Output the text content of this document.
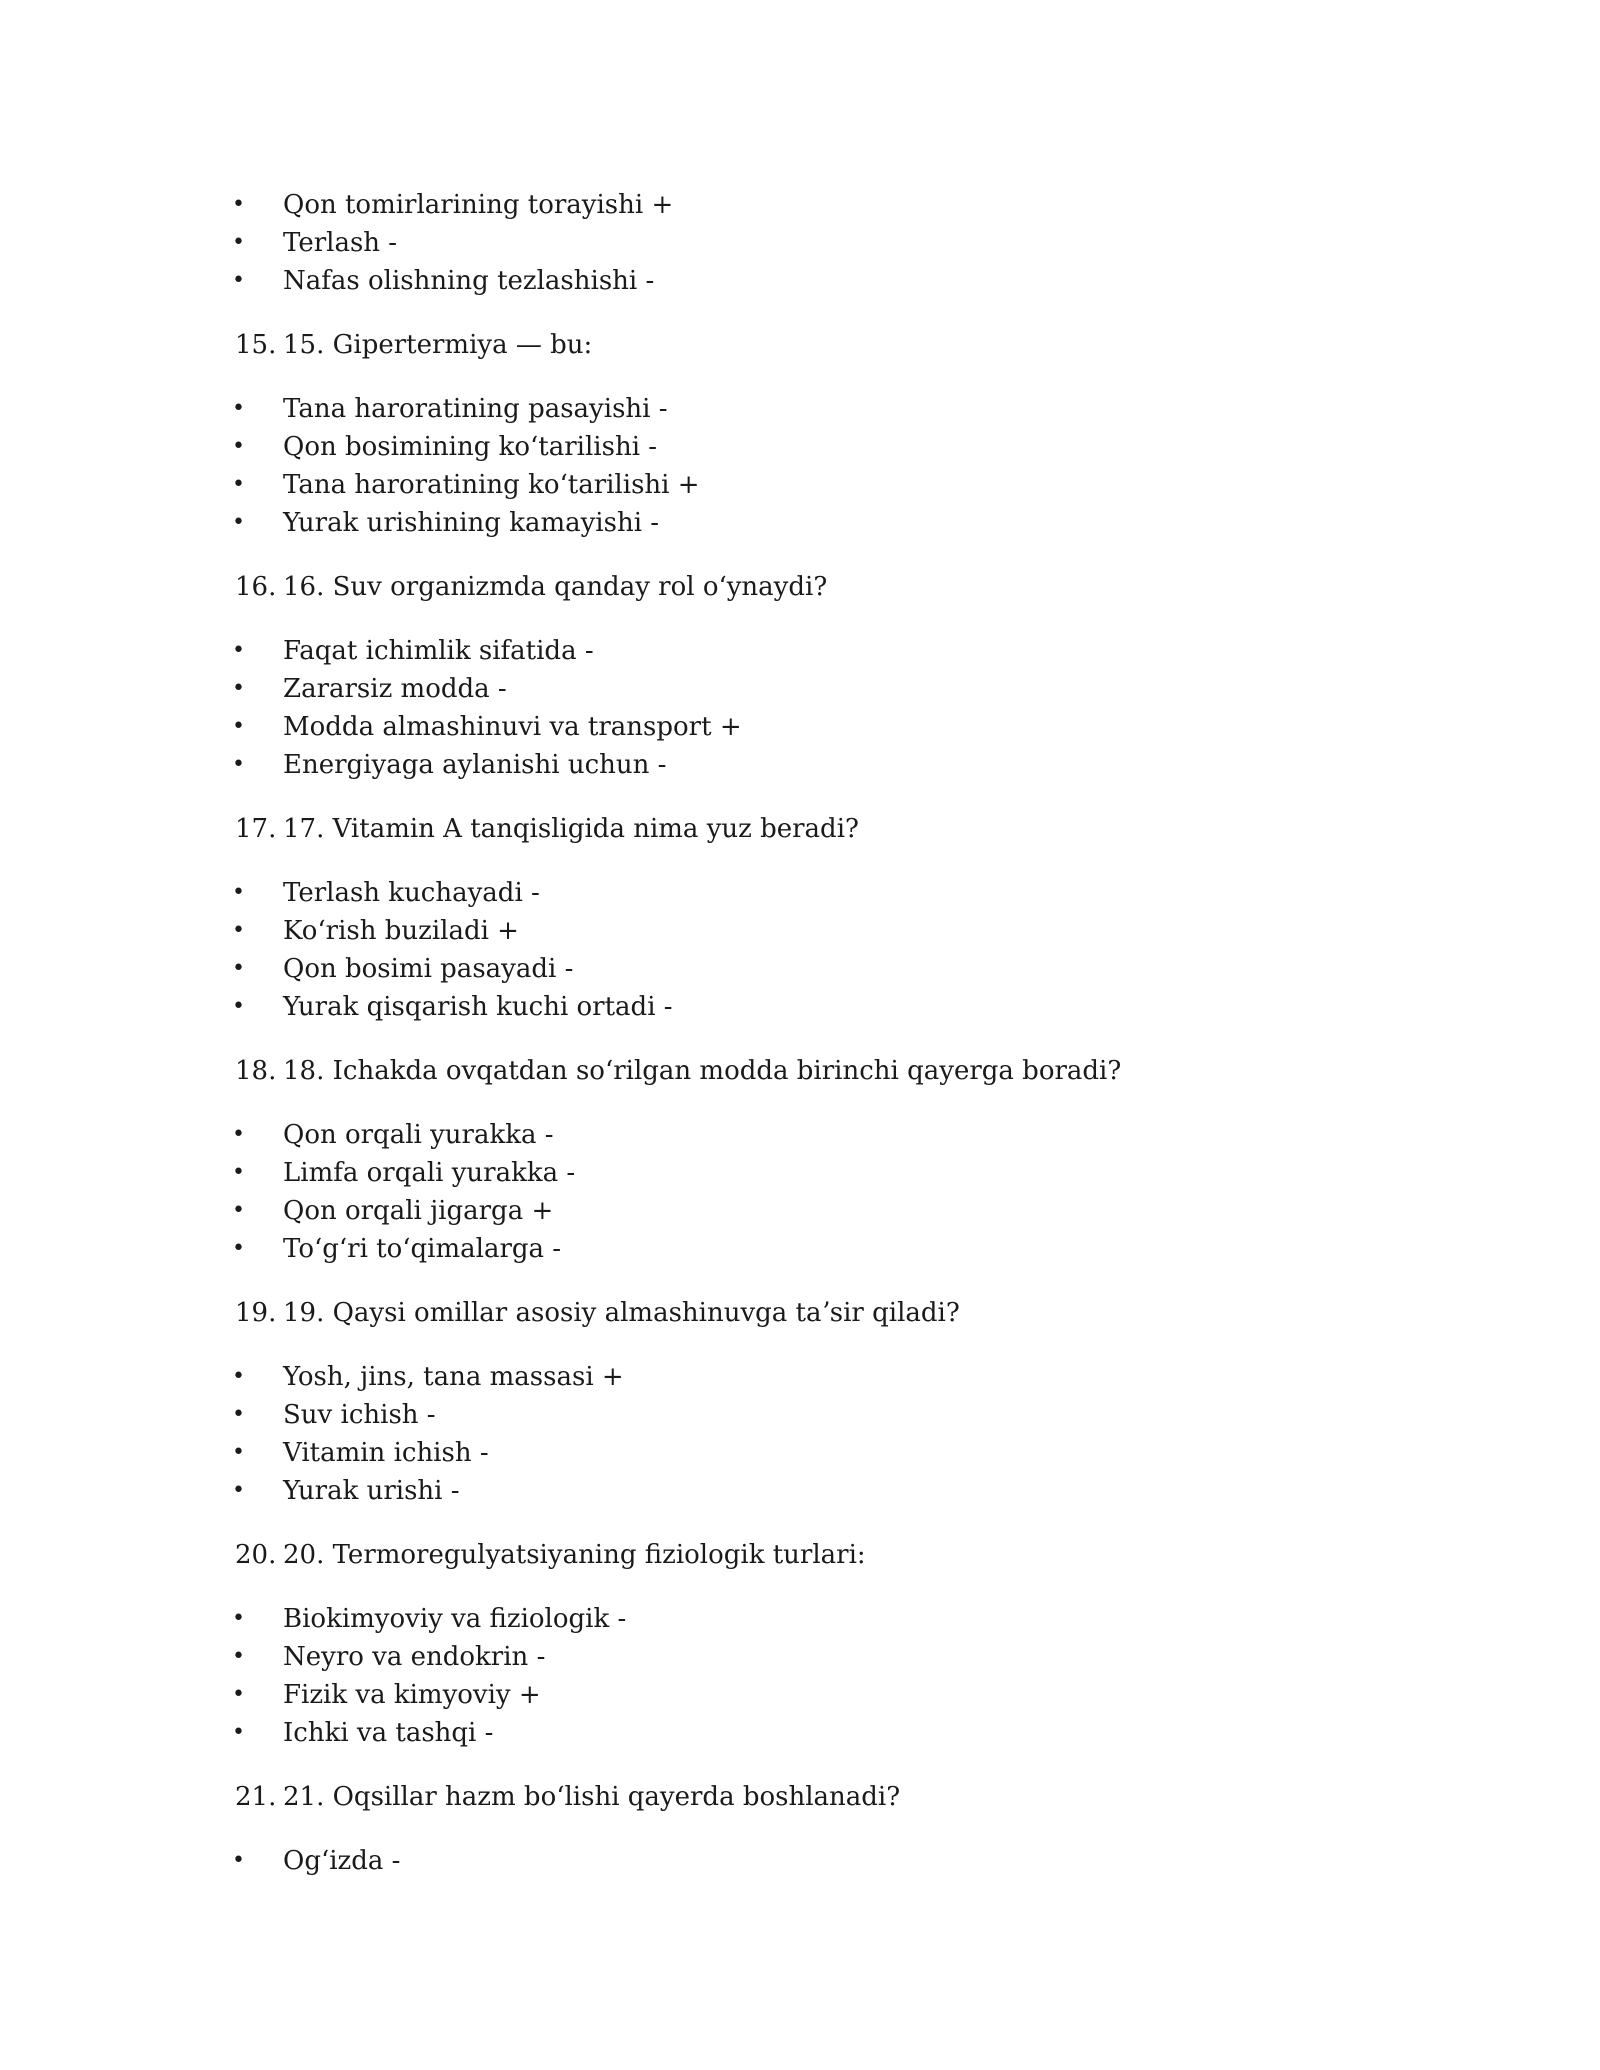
• Qon tomirlarining torayishi +
• Terlash -
• Nafas olishning tezlashishi -
15. 15. Gipertermiya — bu:
• Tana haroratining pasayishi -
• Qon bosimining koʻtarilishi -
• Tana haroratining koʻtarilishi +
• Yurak urishining kamayishi -
16. 16. Suv organizmda qanday rol oʻynaydi?
• Faqat ichimlik sifatida -
• Zararsiz modda -
• Modda almashinuvi va transport +
• Energiyaga aylanishi uchun -
17. 17. Vitamin A tanqisligida nima yuz beradi?
• Terlash kuchayadi -
• Koʻrish buziladi +
• Qon bosimi pasayadi -
• Yurak qisqarish kuchi ortadi -
18. 18. Ichakda ovqatdan soʻrilgan modda birinchi qayerga boradi?
• Qon orqali yurakka -
• Limfa orqali yurakka -
• Qon orqali jigarga +
• Toʻgʻri toʻqimalarga -
19. 19. Qaysi omillar asosiy almashinuvga taʼsir qiladi?
• Yosh, jins, tana massasi +
• Suv ichish -
• Vitamin ichish -
• Yurak urishi -
20. 20. Termoregulyatsiyaning fiziologik turlari:
• Biokimyoviy va fiziologik -
• Neyro va endokrin -
• Fizik va kimyoviy +
• Ichki va tashqi -
21. 21. Oqsillar hazm boʻlishi qayerda boshlanadi?
• Ogʻizda -
